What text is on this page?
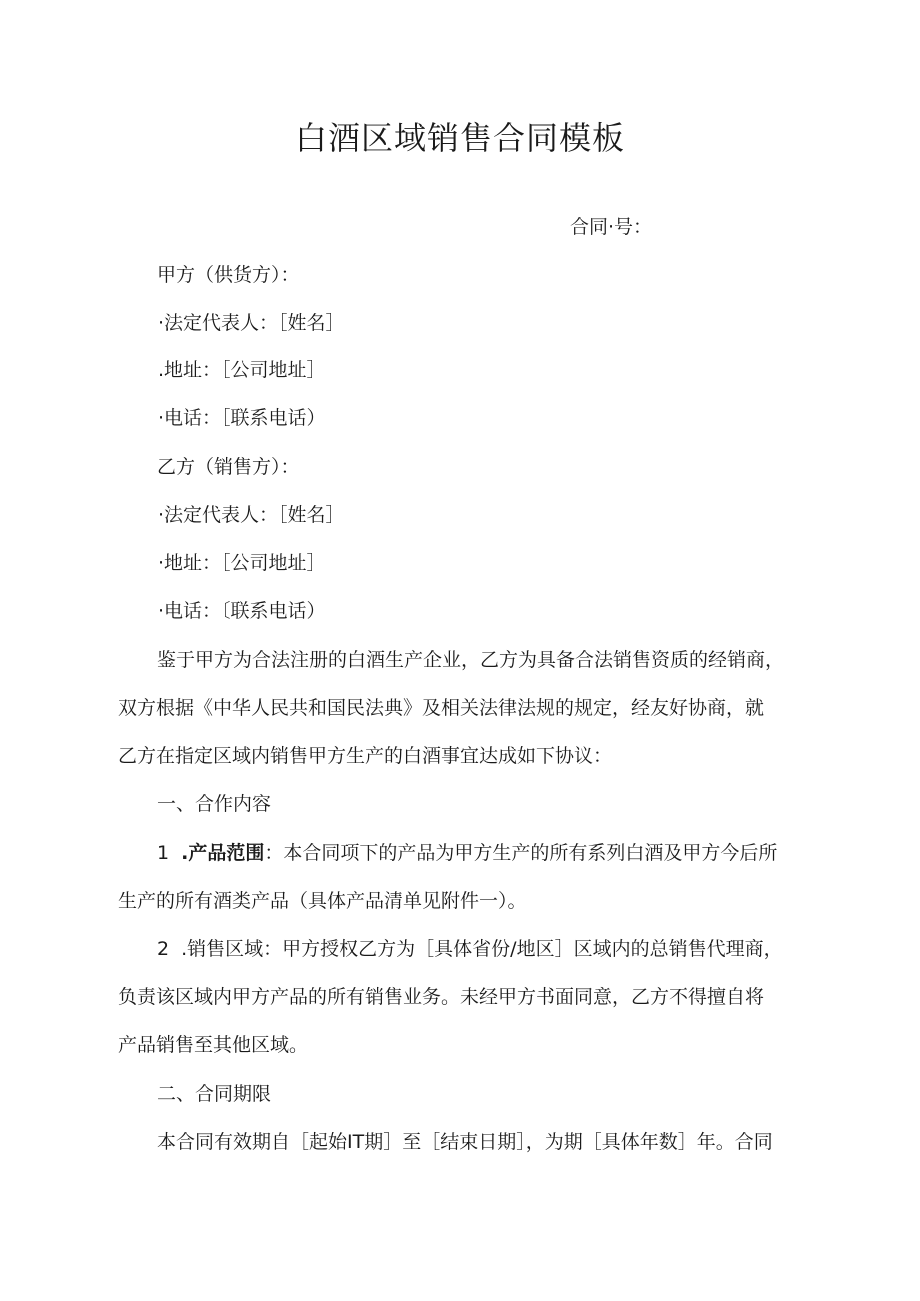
白酒区域销售合同模板
合同·号：
甲方（供货方）：
·法定代表人：［姓名］
.地址：［公司地址］
·电话：［联系电话）
乙方（销售方）：
·法定代表人：［姓名］
·地址：［公司地址］
·电话：〔联系电话）
鉴于甲方为合法注册的白酒生产企业，乙方为具备合法销售资质的经销商，
双方根据《中华人民共和国民法典》及相关法律法规的规定，经友好协商，就
乙方在指定区域内销售甲方生产的白酒事宜达成如下协议：
一、合作内容
1 .产品范围：本合同项下的产品为甲方生产的所有系列白酒及甲方今后所
生产的所有酒类产品（具体产品清单见附件一）。
2 .销售区域：甲方授权乙方为［具体省份/地区］区域内的总销售代理商，
负责该区域内甲方产品的所有销售业务。未经甲方书面同意，乙方不得擅自将
产品销售至其他区域。
二、合同期限
本合同有效期自［起始IT期］至［结束日期］，为期［具体年数］年。合同
